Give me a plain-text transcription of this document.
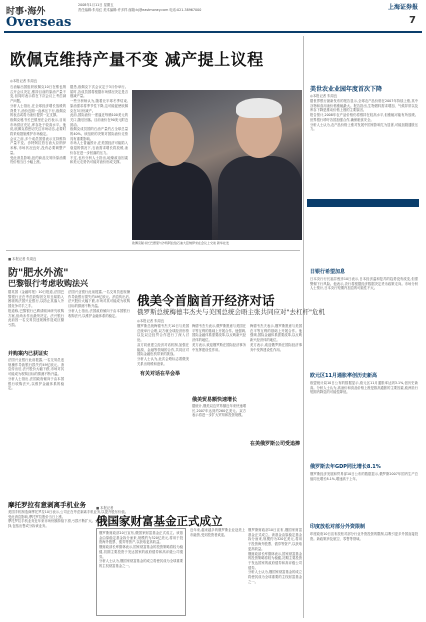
时事·海外
Overseas
2008年1月11日 星期五
责任编辑:朱培红 美术编辑:许多样 邮箱:kj@eastmoney.com 电话:021-38967000	上海证券报
7
欧佩克维持产量不变 减产提上议程
◎本报记者 朱周良
石油输出国组织欧佩克10日在维也纳召开会议决定,维持目前的原油产量不变,但同时表示将在下次会议上考虑减产问题。
分析人士指出,在全球经济增长放缓的背景下,油价近期一直承压下行,欧佩克的表态或将为油价提供一定支撑。
欧佩克秘书长巴德里在会后表示,目前市场供应充足,库存处于较高水平。他说,欧佩克将密切关注市场动态,必要时将采取措施维护市场稳定。
会议之前,多个成员国曾表示支持维持产量不变。沙特阿拉伯石油大臣纳伊米称,市场状况良好,没有必要调整产量。
受此消息影响,纽约商品交易所原油期货价格当日小幅上涨。
据悉,欧佩克下次会议定于3月份举行。届时,各成员国将根据市场情况决定是否削减产量。
一些分析师认为,随着北半球冬季结束,原油需求将季节性下降,这可能促使欧佩克在3月份减产。
此前,国际油价一度逼近每桶100美元的关口,随后回落。目前油价在90美元附近波动。
欧佩克成员国的石油产量约占全球总量的40%。该组织的决策对国际油价走势具有重要影响。
市场人士普遍预计,在美国经济可能陷入衰退的情况下,石油需求增长将放缓,油价存在进一步回落的压力。
不过,也有分析人士指出,地缘政治因素和美元走势仍可能对油价形成支撑。
欧佩克秘书长巴德里与沙特阿拉伯石油大臣纳伊米在会议上交谈 新华社发
美世农业业园年度首次下降
◎本报记者 朱周良
据世界银行最新发布的报告显示,全球农产品价格在2007年持续上涨,其中谷物和食用油价格涨幅最大。报告指出,生物燃料需求增加、气候异常以及库存下降是推动价格上涨的主要原因。
报告预计,2008年农产品价格仍将维持在较高水平,但涨幅可能有所放缓。世界银行呼吁各国加强合作,确保粮食安全。
分析人士认为,农产品价格上涨对发展中国家影响尤为显著,可能加剧通胀压力。
环球财经
日银行希望加息
日本央行行长福井俊彦10日表示,日本经济温和复苏的趋势没有改变,但需警惕下行风险。他表示,央行将根据经济数据决定货币政策走向。市场分析人士预计,日本央行短期内加息的可能性不大。
欧元区11月通胀率创历史新高
欧盟统计局10日公布的数据显示,欧元区11月通胀率达到3.1%,创历史新高。分析人士认为,高油价和食品价格上涨是推高通胀的主要因素,欧洲央行短期内降息的可能性降低。
俄罗斯去年GDP同比增长8.1%
俄罗斯经济发展和贸易部10日公布的数据显示,俄罗斯2007年国内生产总值同比增长8.1%,增速高于上年。
印度放松对部分外资限制
印度政府10日宣布放松对部分行业外资投资的限制,以吸引更多外国直接投资。新政策涉及航空、零售等领域。
■ 本报记者 朱周良
防"肥水外流"
巴黎银行考虑收购法兴
据英国《金融时报》10日报道,法国巴黎银行正在考虑收购因交易丑闻陷入困境的法国兴业银行,以防止其落入外国竞争对手之手。
报道称,巴黎银行已聘请顾问研究收购方案,但尚未作出最终决定。法兴银行此前因一名交易员违规操作造成巨额亏损。
并购案内已获证实
法国兴业银行此前披露,一名交易员违规操作导致银行损失约49亿欧元。消息传出后,法兴股价大幅下跌,市场对其可能成为收购目标的猜测不断升温。
分析人士指出,法国政府倾向于由本国银行收购法兴,以维护金融体系的稳定。
摩托罗拉有意剥离手机业务
美国手机制造商摩托罗拉10日表示,公司正在考虑剥离手机业务,以提升股东价值。受此消息影响,摩托罗拉股价当日上涨。
摩托罗拉手机业务近年来市场份额持续下滑,亏损不断扩大。公司表示将评估各种选择,包括出售或分拆该业务。
法国兴业银行此前披露,一名交易员违规操作导致银行损失约49亿欧元。消息传出后,法兴股价大幅下跌,市场对其可能成为收购目标的猜测不断升温。
分析人士指出,法国政府倾向于由本国银行收购法兴,以维护金融体系的稳定。
俄美令首脑首开经济对话
俄罗斯总统梅德韦杰夫与美国总统会晤主张共同应对"去杠杆"危机
◎本报记者 朱周良
俄罗斯总统梅德韦杰夫10日与美国总统举行会晤,双方就全球经济形势以及双边经贸合作进行了深入讨论。
双方同意建立经济对话机制,加强在能源、金融等领域的合作,共同应对国际金融危机带来的挑战。
分析人士认为,此次会晤标志着俄美关系出现缓和迹象。
梅德韦杰夫表示,俄罗斯愿意与美国在平等互利的基础上开展合作。他强调,国际金融体系需要改革,以反映新兴经济体的地位。
美方表示,欢迎俄罗斯在国际经济事务中发挥建设性作用。
俄美贸易额快速增长
据统计,俄美双边贸易额近年来快速增长,2007年达到约260亿美元。双方表示将进一步扩大贸易和投资规模。
有关对话在早会举
梅德韦杰夫表示,俄罗斯愿意与美国在平等互利的基础上开展合作。他强调,国际金融体系需要改革,以反映新兴经济体的地位。
美方表示,欢迎俄罗斯在国际经济事务中发挥建设性作用。
在美俄罗斯公司受追捧
■ 本报记者
俄国家财富基金正式成立
俄罗斯财政部10日宣布,俄国家财富基金正式成立。该基金由原稳定基金拆分而来,规模约为320亿美元,将用于投资海外股票、债券等资产,以获取更高收益。
俄财政部长库德林表示,国家财富基金的投资策略将较为稳健,初期主要投资于发达国家的政府债券和高评级公司债券。
分析人士认为,俄国家财富基金的成立将使其成为全球重要的主权财富基金之一。
近年来,越来越多的俄罗斯企业赴美上市融资,受到投资者欢迎。
俄罗斯财政部10日宣布,俄国家财富基金正式成立。该基金由原稳定基金拆分而来,规模约为320亿美元,将用于投资海外股票、债券等资产,以获取更高收益。
俄财政部长库德林表示,国家财富基金的投资策略将较为稳健,初期主要投资于发达国家的政府债券和高评级公司债券。
分析人士认为,俄国家财富基金的成立将使其成为全球重要的主权财富基金之一。
